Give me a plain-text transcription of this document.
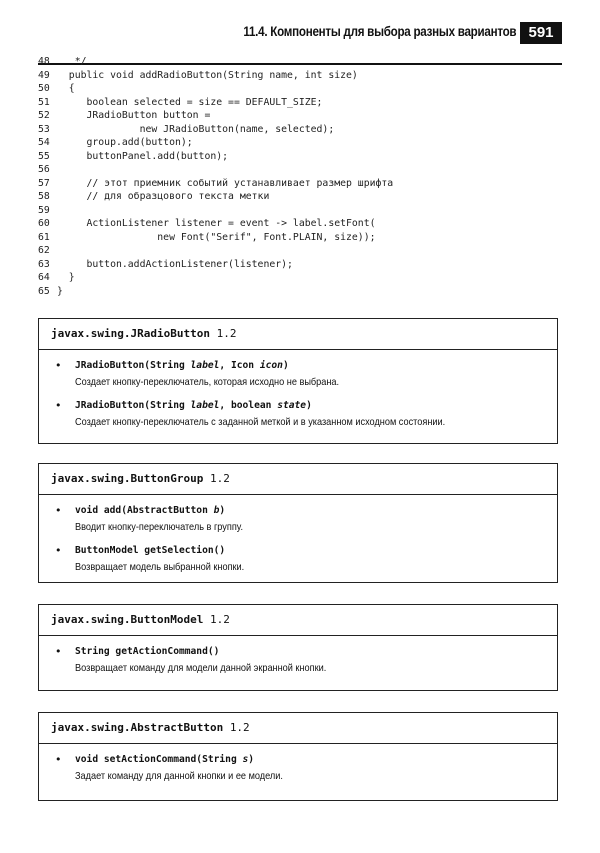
11.4. Компоненты для выбора разных вариантов 591
48   */
49  public void addRadioButton(String name, int size)
50  {
51     boolean selected = size == DEFAULT_SIZE;
52     JRadioButton button =
53              new JRadioButton(name, selected);
54     group.add(button);
55     buttonPanel.add(button);
56
57     // этот приемник событий устанавливает размер шрифта
58     // для образцового текста метки
59
60     ActionListener listener = event -> label.setFont(
61                 new Font("Serif", Font.PLAIN, size));
62
63     button.addActionListener(listener);
64  }
65 }
javax.swing.JRadioButton 1.2
• JRadioButton(String label, Icon icon)
Создает кнопку-переключатель, которая исходно не выбрана.
• JRadioButton(String label, boolean state)
Создает кнопку-переключатель с заданной меткой и в указанном исходном состоянии.
javax.swing.ButtonGroup 1.2
• void add(AbstractButton b)
Вводит кнопку-переключатель в группу.
• ButtonModel getSelection()
Возвращает модель выбранной кнопки.
javax.swing.ButtonModel 1.2
• String getActionCommand()
Возвращает команду для модели данной экранной кнопки.
javax.swing.AbstractButton 1.2
• void setActionCommand(String s)
Задает команду для данной кнопки и ее модели.
